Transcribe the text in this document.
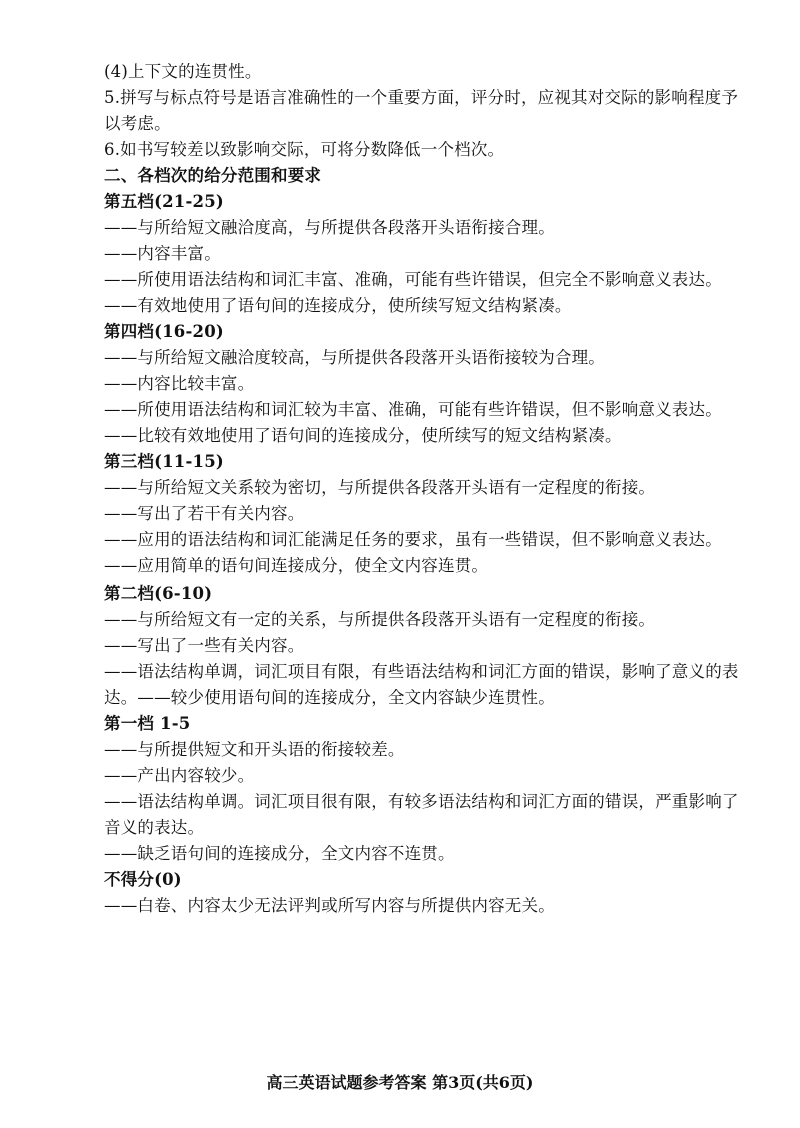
(4)上下文的连贯性。
5.拼写与标点符号是语言准确性的一个重要方面，评分时，应视其对交际的影响程度予
以考虑。
6.如书写较差以致影响交际，可将分数降低一个档次。
二、各档次的给分范围和要求
第五档(21-25)
——与所给短文融洽度高，与所提供各段落开头语衔接合理。
——内容丰富。
——所使用语法结构和词汇丰富、准确，可能有些许错误，但完全不影响意义表达。
——有效地使用了语句间的连接成分，使所续写短文结构紧凑。
第四档(16-20)
——与所给短文融洽度较高，与所提供各段落开头语衔接较为合理。
——内容比较丰富。
——所使用语法结构和词汇较为丰富、准确，可能有些许错误，但不影响意义表达。
——比较有效地使用了语句间的连接成分，使所续写的短文结构紧凑。
第三档(11-15)
——与所给短文关系较为密切，与所提供各段落开头语有一定程度的衔接。
——写出了若干有关内容。
——应用的语法结构和词汇能满足任务的要求，虽有一些错误，但不影响意义表达。
——应用简单的语句间连接成分，使全文内容连贯。
第二档(6-10)
——与所给短文有一定的关系，与所提供各段落开头语有一定程度的衔接。
——写出了一些有关内容。
——语法结构单调，词汇项目有限，有些语法结构和词汇方面的错误，影响了意义的表
达。——较少使用语句间的连接成分，全文内容缺少连贯性。
第一档 1-5
——与所提供短文和开头语的衔接较差。
——产出内容较少。
——语法结构单调。词汇项目很有限，有较多语法结构和词汇方面的错误，严重影响了
音义的表达。
——缺乏语句间的连接成分，全文内容不连贯。
不得分(0)
——白卷、内容太少无法评判或所写内容与所提供内容无关。
高三英语试题参考答案 第3页(共6页)
